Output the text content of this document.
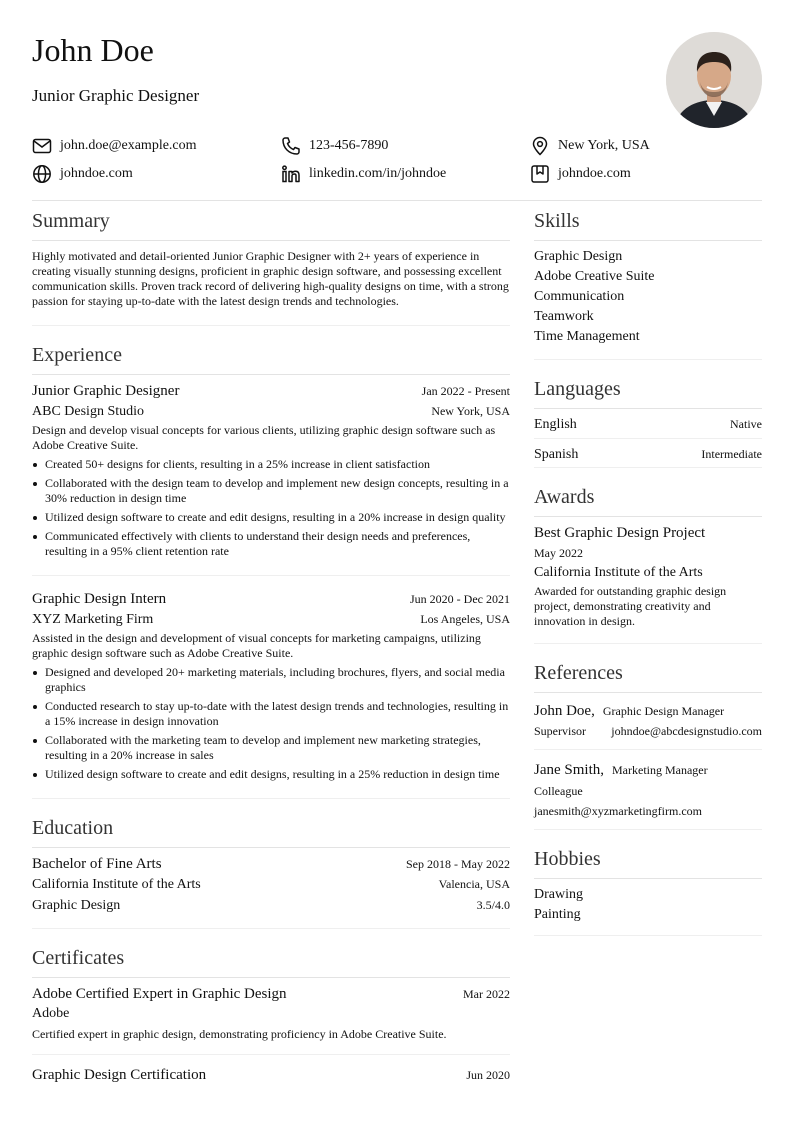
John Doe
Junior Graphic Designer
john.doe@example.com	123-456-7890	New York, USA
johndoe.com	linkedin.com/in/johndoe	johndoe.com
Summary
Highly motivated and detail-oriented Junior Graphic Designer with 2+ years of experience in creating visually stunning designs, proficient in graphic design software, and possessing excellent communication skills. Proven track record of delivering high-quality designs on time, with a strong passion for staying up-to-date with the latest design trends and technologies.
Experience
Junior Graphic Designer	Jan 2022 - Present
ABC Design Studio	New York, USA
Design and develop visual concepts for various clients, utilizing graphic design software such as Adobe Creative Suite.
Created 50+ designs for clients, resulting in a 25% increase in client satisfaction
Collaborated with the design team to develop and implement new design concepts, resulting in a 30% reduction in design time
Utilized design software to create and edit designs, resulting in a 20% increase in design quality
Communicated effectively with clients to understand their design needs and preferences, resulting in a 95% client retention rate
Graphic Design Intern	Jun 2020 - Dec 2021
XYZ Marketing Firm	Los Angeles, USA
Assisted in the design and development of visual concepts for marketing campaigns, utilizing graphic design software such as Adobe Creative Suite.
Designed and developed 20+ marketing materials, including brochures, flyers, and social media graphics
Conducted research to stay up-to-date with the latest design trends and technologies, resulting in a 15% increase in design innovation
Collaborated with the marketing team to develop and implement new marketing strategies, resulting in a 20% increase in sales
Utilized design software to create and edit designs, resulting in a 25% reduction in design time
Education
Bachelor of Fine Arts	Sep 2018 - May 2022
California Institute of the Arts	Valencia, USA
Graphic Design	3.5/4.0
Certificates
Adobe Certified Expert in Graphic Design	Mar 2022
Adobe
Certified expert in graphic design, demonstrating proficiency in Adobe Creative Suite.
Graphic Design Certification	Jun 2020
Skills
Graphic Design
Adobe Creative Suite
Communication
Teamwork
Time Management
Languages
English	Native
Spanish	Intermediate
Awards
Best Graphic Design Project
May 2022
California Institute of the Arts
Awarded for outstanding graphic design project, demonstrating creativity and innovation in design.
References
John Doe, Graphic Design Manager
Supervisor johndoe@abcdesignstudio.com
Jane Smith, Marketing Manager
Colleague
janesmith@xyzmarketingfirm.com
Hobbies
Drawing
Painting
